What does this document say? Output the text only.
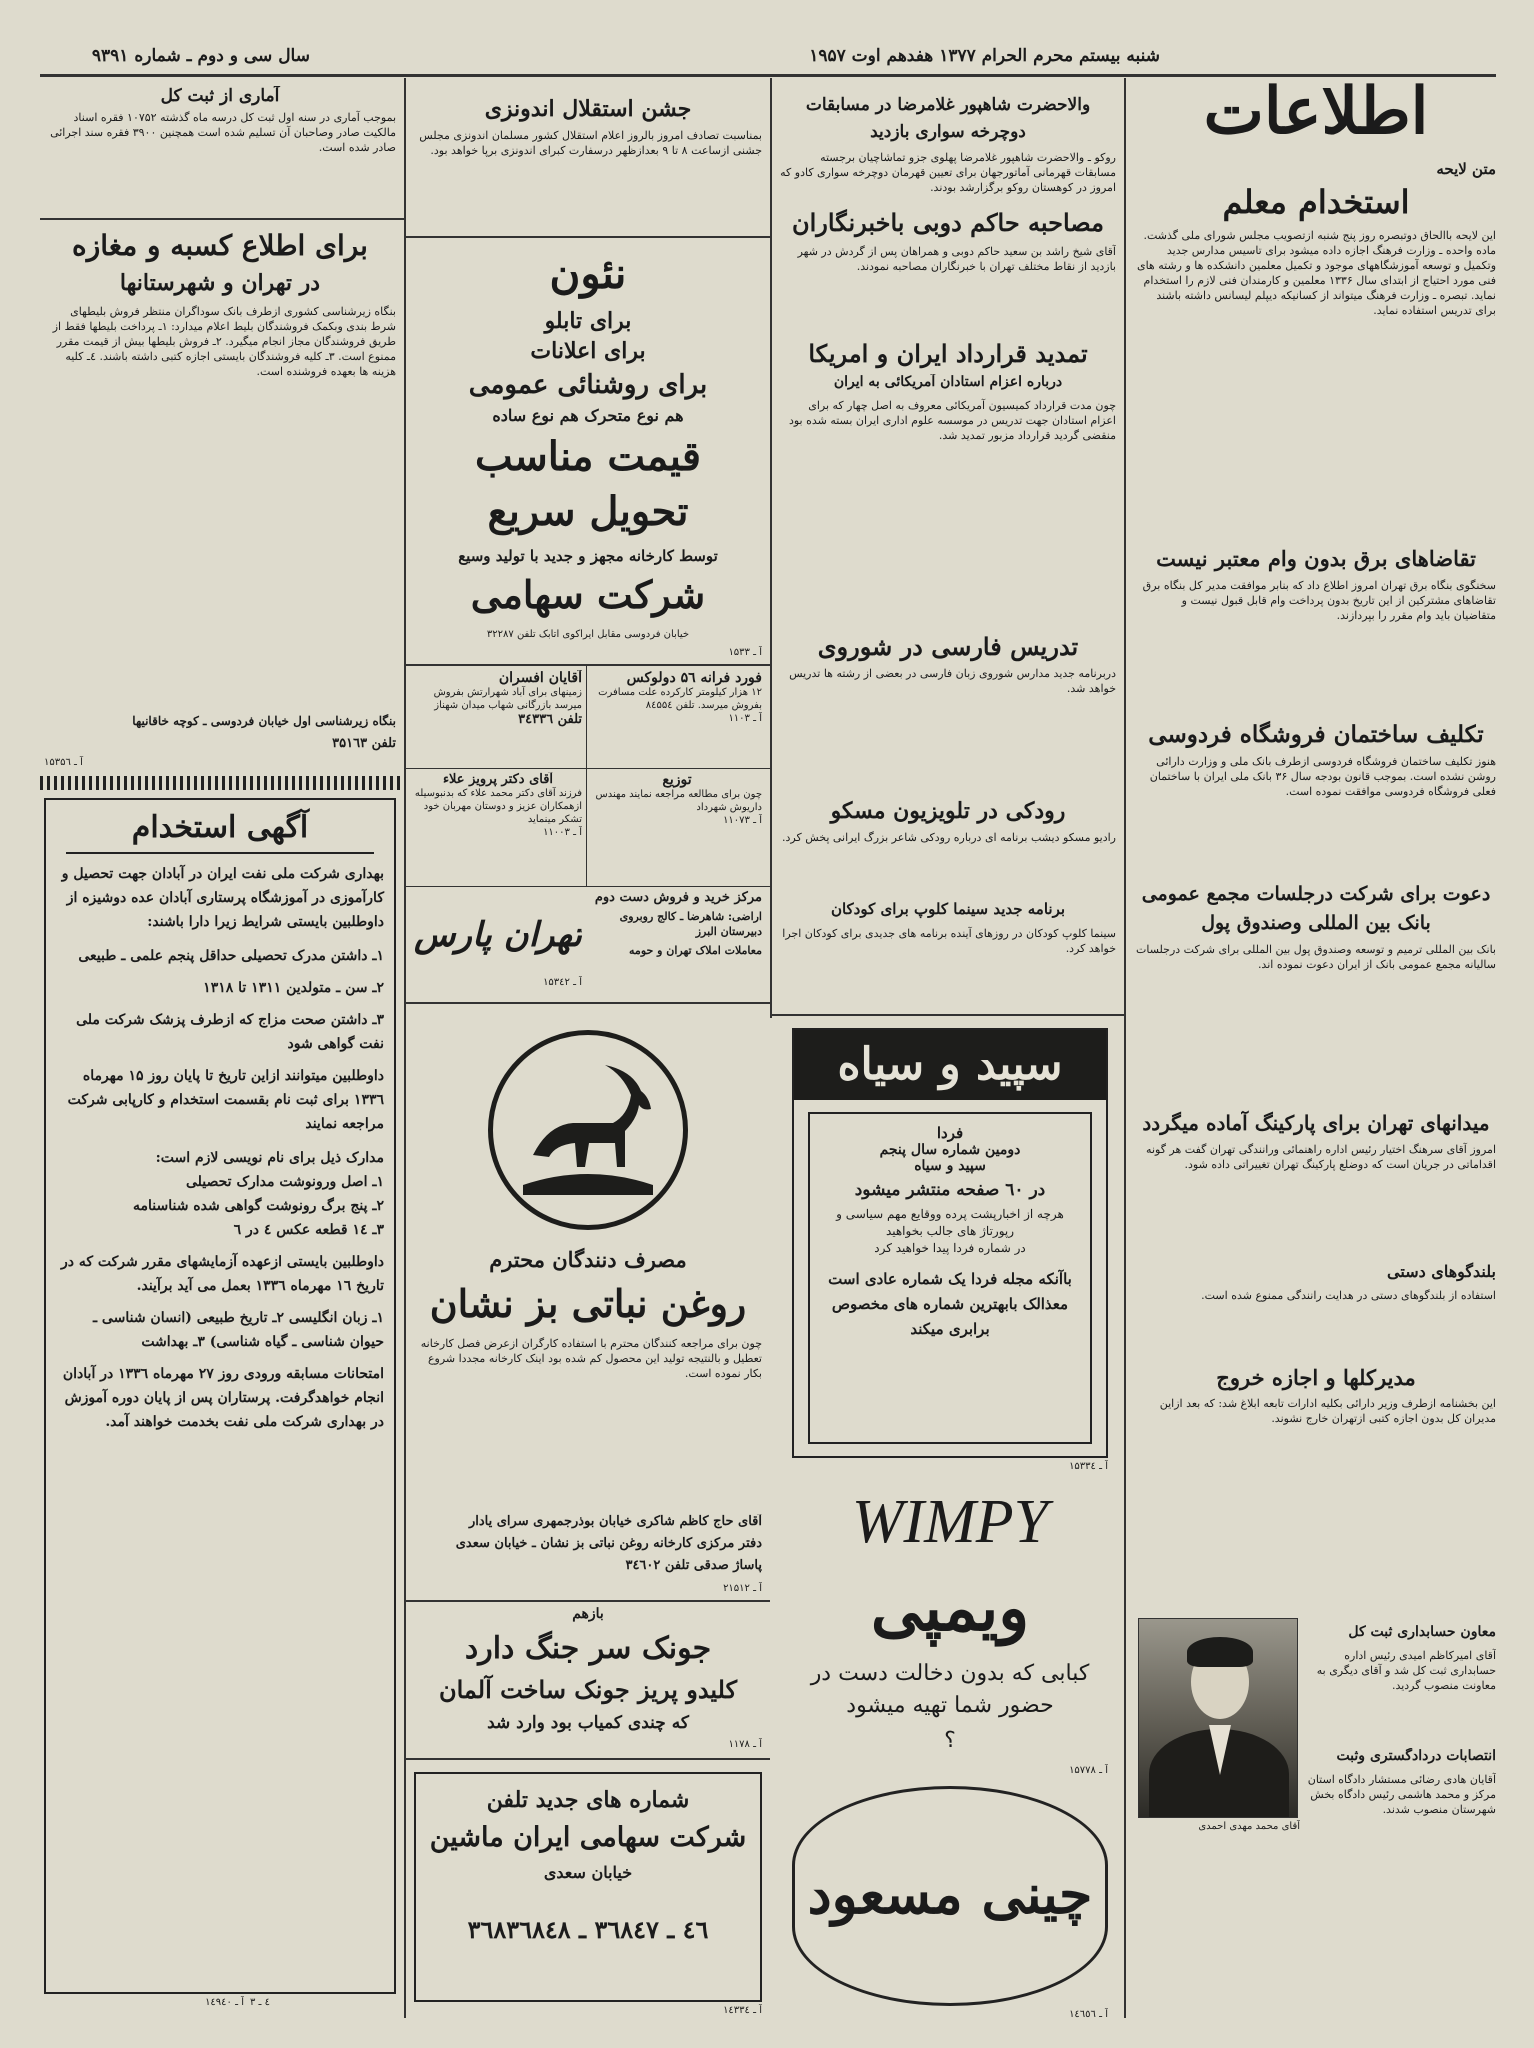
شنبه بیستم محرم الحرام ۱۳۷۷ هفدهم اوت ۱۹۵۷
سال سی و دوم ـ شماره ۹۳۹۱
اطلاعات
متن لایحه
استخدام معلم
این لایحه باالحاق دوتبصره روز پنج شنبه ازتصویب مجلس شورای ملی گذشت. ماده واحده ـ وزارت فرهنگ اجازه داده میشود برای تاسیس مدارس جدید وتکمیل و توسعه آموزشگاههای موجود و تکمیل معلمین دانشکده ها و رشته های فنی مورد احتیاج از ابتدای سال ۱۳۳۶ معلمین و کارمندان فنی لازم را استخدام نماید. تبصره ـ وزارت فرهنگ میتواند از کسانیکه دیپلم لیسانس داشته باشند برای تدریس استفاده نماید.
تقاضاهای برق بدون وام معتبر نیست
سخنگوی بنگاه برق تهران امروز اطلاع داد که بنابر موافقت مدیر کل بنگاه برق تقاضاهای مشترکین از این تاریخ بدون پرداخت وام قابل قبول نیست و متقاضیان باید وام مقرر را بپردازند.
تکلیف ساختمان فروشگاه فردوسی
هنوز تکلیف ساختمان فروشگاه فردوسی ازطرف بانک ملی و وزارت دارائی روشن نشده است. بموجب قانون بودجه سال ۳۶ بانک ملی ایران با ساختمان فعلی فروشگاه فردوسی موافقت نموده است.
دعوت برای شرکت درجلسات مجمع عمومی بانک بین المللی وصندوق پول
بانک بین المللی ترمیم و توسعه وصندوق پول بین المللی برای شرکت درجلسات سالیانه مجمع عمومی بانک از ایران دعوت نموده اند.
میدانهای تهران برای پارکینگ آماده میگردد
امروز آقای سرهنگ اختیار رئیس اداره راهنمائی ورانندگی تهران گفت هر گونه اقداماتی در جریان است که دوضلع پارکینگ تهران تغییراتی داده شود.
بلندگوهای دستی
استفاده از بلندگوهای دستی در هدایت رانندگی ممنوع شده است.
مدیرکلها و اجازه خروج
این بخشنامه ازطرف وزیر دارائی بکلیه ادارات تابعه ابلاغ شد: که بعد ازاین مدیران کل بدون اجازه کتبی ازتهران خارج نشوند.
آقای محمد مهدی احمدی
معاون حسابداری ثبت کل
آقای امیرکاظم امیدی رئیس اداره حسابداری ثبت کل شد و آقای دیگری به معاونت منصوب گردید.
انتصابات دردادگستری وثبت
آقایان هادی رضائی مستشار دادگاه استان مرکز و محمد هاشمی رئیس دادگاه بخش شهرستان منصوب شدند.
والاحضرت شاهپور غلامرضا در مسابقات دوچرخه سواری بازدید
روکو ـ والاحضرت شاهپور غلامرضا پهلوی جزو تماشاچیان برجسته مسابقات قهرمانی آماتورجهان برای تعیین قهرمان دوچرخه سواری کادو که امروز در کوهستان روکو برگزارشد بودند.
مصاحبه حاکم دوبی باخبرنگاران
آقای شیخ راشد بن سعید حاکم دوبی و همراهان پس از گردش در شهر بازدید از نقاط مختلف تهران با خبرنگاران مصاحبه نمودند.
تمدید قرارداد ایران و امریکا
درباره اعزام استادان آمریکائی به ایران
چون مدت قرارداد کمیسیون آمریکائی معروف به اصل چهار که برای اعزام استادان جهت تدریس در موسسه علوم اداری ایران بسته شده بود منقضی گردید قرارداد مزبور تمدید شد.
تدریس فارسی در شوروی
دربرنامه جدید مدارس شوروی زبان فارسی در بعضی از رشته ها تدریس خواهد شد.
رودکی در تلویزیون مسکو
رادیو مسکو دیشب برنامه ای درباره رودکی شاعر بزرگ ایرانی پخش کرد.
برنامه جدید سینما کلوپ برای کودکان
سینما کلوپ کودکان در روزهای آینده برنامه های جدیدی برای کودکان اجرا خواهد کرد.
سپید و سیاه
فردا
دومین شماره سال پنجم
سپید و سیاه
در ٦٠ صفحه منتشر میشود
هرچه از اخبارپشت پرده ووقایع مهم سیاسی و رپورتاژ های جالب بخواهید
در شماره فردا پیدا خواهید کرد
باآنکه مجله فردا یک شماره عادی است معذالک بابهترین شماره های مخصوص برابری میکند
آ ـ ۱۵۳۳٤
WIMPY
ویمپی
کبابی که بدون دخالت دست در
حضور شما تهیه میشود
؟
آ ـ ۱۵۷۷۸
چینی مسعود
آ ـ ۱٤٦٥٦
جشن استقلال اندونزی
بمناسبت تصادف امروز بالروز اعلام استقلال کشور مسلمان اندونزی مجلس جشنی ازساعت ۸ تا ۹ بعدازظهر درسفارت کبرای اندونزی برپا خواهد بود.
نئون
برای تابلو
برای اعلانات
برای روشنائی عمومی
هم نوع متحرک هم نوع ساده
قیمت مناسب
تحویل سریع
توسط کارخانه مجهز و جدید با تولید وسیع
شرکت سهامی
خیابان فردوسی مقابل ایراکوی اتابک تلفن ۳۲۲۸۷
آ ـ ۱۵۳۳
فورد فرانه ۵٦ دولوکس
۱۲ هزار کیلومتر کارکرده علت مسافرت بفروش میرسد. تلفن ۸٤۵۵٤
آ ـ ۱۱۰۳
آقایان افسران
زمینهای برای آباد شهرارتش بفروش میرسد بازرگانی شهاب میدان شهناز
تلفن ۳٤۳۳٦
توزیع
چون برای مطالعه مراجعه نمایند مهندس داریوش شهرداد
آ ـ ۱۱۰۷۳
آقای دکتر پرویز علاء
فرزند آقای دکتر محمد علاء که بدنبوسیله ازهمکاران عزیز و دوستان مهربان خود تشکر مینماید
آ ـ ۱۱۰۰۳
مرکز خرید و فروش دست دوم
اراضی: شاهرضا ـ کالج روبروی دبیرستان البرز
معاملات املاک تهران و حومه
تهران پارس
آ ـ ۱۵۳٤۲
مصرف دنندگان محترم
روغن نباتی بز نشان
چون برای مراجعه کنندگان محترم با استفاده کارگران ازعرض فصل کارخانه تعطیل و بالنتیجه تولید این محصول کم شده بود اینک کارخانه مجددا شروع بکار نموده است.
آقای حاج کاظم شاکری خیابان بوذرجمهری سرای یادار
دفتر مرکزی کارخانه روغن نباتی بز نشان ـ خیابان سعدی
پاساژ صدقی تلفن ۳٤٦۰۲
آ ـ ۲۱۵۱۲
بازهم
جونک سر جنگ دارد
کلیدو پریز جونک ساخت آلمان
که چندی کمیاب بود وارد شد
آ ـ ۱۱۷۸
شماره های جدید تلفن
شرکت سهامی ایران ماشین
خیابان سعدی
۳٦۸٤٦ ـ ۳٦۸٤۷ ـ ۳٦۸٤۸
آ ـ ۱٤۳۳٤
آماری از ثبت کل
بموجب آماری در سنه اول ثبت کل درسه ماه گذشته ۱۰۷۵۲ فقره اسناد مالکیت صادر وصاحبان آن تسلیم شده است همچنین ۳۹۰۰ فقره سند اجرائی صادر شده است.
برای اطلاع کسبه و مغازه
در تهران و شهرستانها
بنگاه زیرشناسی کشوری ازطرف بانک سوداگران منتظر فروش بلیطهای شرط بندی وبکمک فروشندگان بلیط اعلام میدارد: ۱ـ پرداخت بلیطها فقط از طریق فروشندگان مجاز انجام میگیرد. ۲ـ فروش بلیطها بیش از قیمت مقرر ممنوع است. ۳ـ کلیه فروشندگان بایستی اجازه کتبی داشته باشند. ٤ـ کلیه هزینه ها بعهده فروشنده است.
بنگاه زیرشناسی اول خیابان فردوسی ـ کوچه خاقانیها
تلفن ۳۵۱٦۳
آ ـ ۱۵۳۵٦
آگهی استخدام
بهداری شرکت ملی نفت ایران در آبادان جهت تحصیل و کارآموزی در آموزشگاه پرستاری آبادان عده دوشیزه از داوطلبین بایستی شرایط زیرا دارا باشند:
۱ـ داشتن مدرک تحصیلی حداقل پنجم علمی ـ طبیعی
۲ـ سن ـ متولدین ۱۳۱۱ تا ۱۳۱۸
۳ـ داشتن صحت مزاج که ازطرف پزشک شرکت ملی نفت گواهی شود
داوطلبین میتوانند ازاین تاریخ تا پایان روز ۱۵ مهرماه ۱۳۳٦ برای ثبت نام بقسمت استخدام و کارپابی شرکت مراجعه نمایند
مدارک ذیل برای نام نویسی لازم است:
۱ـ اصل ورونوشت مدارک تحصیلی
۲ـ پنج برگ رونوشت گواهی شده شناسنامه
۳ـ ۱٤ قطعه عکس ٤ در ٦
داوطلبین بایستی ازعهده آزمایشهای مقرر شرکت که در تاریخ ۱٦ مهرماه ۱۳۳٦ بعمل می آید برآیند.
۱ـ زبان انگلیسی ۲ـ تاریخ طبیعی (انسان شناسی ـ حیوان شناسی ـ گیاه شناسی) ۳ـ بهداشت
امتحانات مسابقه ورودی روز ۲۷ مهرماه ۱۳۳٦ در آبادان انجام خواهدگرفت. پرستاران پس از پایان دوره آموزش در بهداری شرکت ملی نفت بخدمت خواهند آمد.
آ ـ ۱٤۹٤۰ ٤ ـ ۳
